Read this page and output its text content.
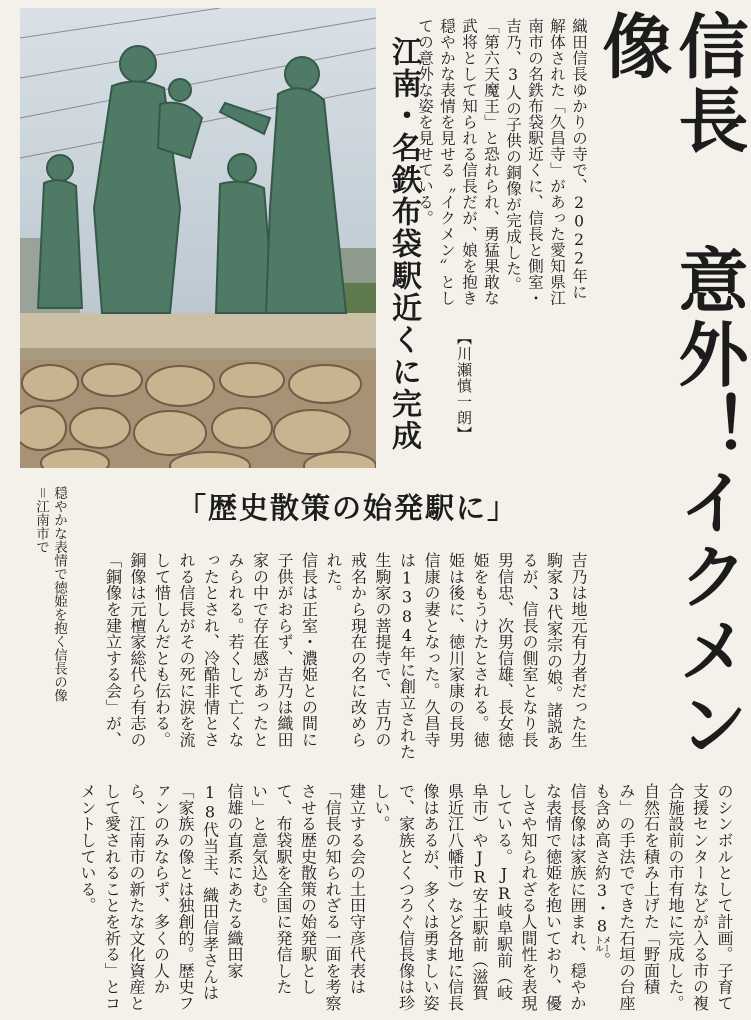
信長 意外！イクメン像
江南・名鉄布袋駅近くに完成	織田信長ゆかりの寺で、2022年に解体された「久昌寺」があった愛知県江南市の名鉄布袋駅近くに、信長と側室・吉乃、3人の子供の銅像が完成した。「第六天魔王」と恐れられ、勇猛果敢な武将として知られる信長だが、娘を抱き穏やかな表情を見せる〝イクメン〟としての意外な姿を見せている。
【川瀬慎一朗】
「歴史散策の始発駅に」
穏やかな表情で徳姫を抱く信長の像
＝江南市で
吉乃は地元有力者だった生駒家3代家宗の娘。諸説あるが、信長の側室となり長男信忠、次男信雄、長女徳姫をもうけたとされる。徳姫は後に、徳川家康の長男信康の妻となった。久昌寺は1384年に創立された生駒家の菩提寺で、吉乃の戒名から現在の名に改められた。
信長は正室・濃姫との間に子供がおらず、吉乃は織田家の中で存在感があったとみられる。若くして亡くなったとされ、冷酷非情とされる信長がその死に涙を流して惜しんだとも伝わる。
銅像は元檀家総代ら有志の「銅像を建立する会」が、
のシンボルとして計画。子育て支援センターなどが入る市の複合施設前の市有地に完成した。自然石を積み上げた「野面積み」の手法でできた石垣の台座も含め高さ約3・8㍍。
信長像は家族に囲まれ、穏やかな表情で徳姫を抱いており、優しさや知られざる人間性を表現している。JR岐阜駅前（岐阜市）やJR安土駅前（滋賀県近江八幡市）など各地に信長像はあるが、多くは勇ましい姿で、家族とくつろぐ信長像は珍しい。
建立する会の土田守彦代表は「信長の知られざる一面を考察させる歴史散策の始発駅として、布袋駅を全国に発信したい」と意気込む。
信雄の直系にあたる織田家18代当主、織田信孝さんは「家族の像とは独創的。歴史ファンのみならず、多くの人から、江南市の新たな文化資産として愛されることを祈る」とコメントしている。
